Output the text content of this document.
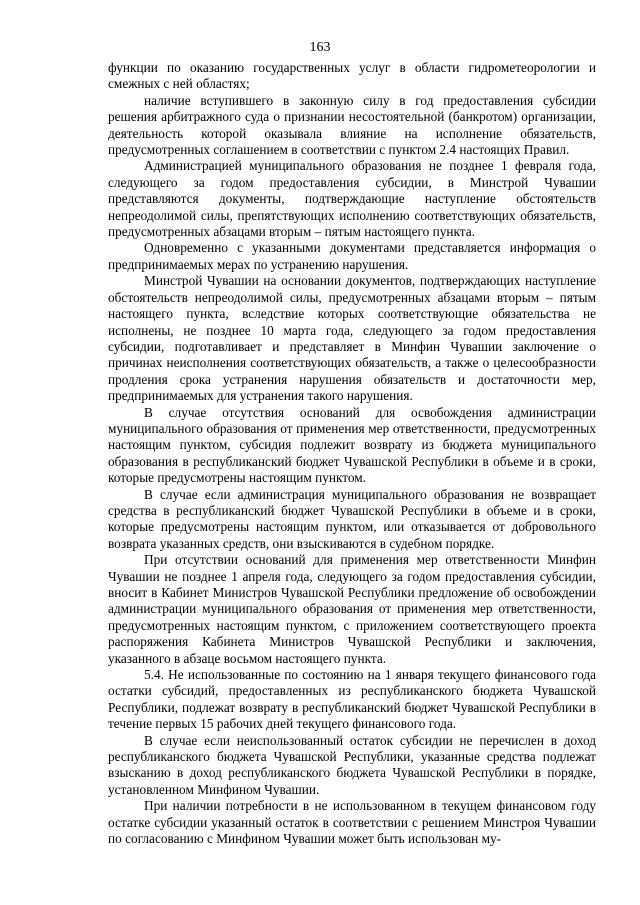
163

функции по оказанию государственных услуг в области гидрометеорологии и смежных с ней областях;

наличие вступившего в законную силу в год предоставления субсидии решения арбитражного суда о признании несостоятельной (банкротом) организации, деятельность которой оказывала влияние на исполнение обязательств, предусмотренных соглашением в соответствии с пунктом 2.4 настоящих Правил.

Администрацией муниципального образования не позднее 1 февраля года, следующего за годом предоставления субсидии, в Минстрой Чувашии представляются документы, подтверждающие наступление обстоятельств непреодолимой силы, препятствующих исполнению соответствующих обязательств, предусмотренных абзацами вторым – пятым настоящего пункта.

Одновременно с указанными документами представляется информация о предпринимаемых мерах по устранению нарушения.

Минстрой Чувашии на основании документов, подтверждающих наступление обстоятельств непреодолимой силы, предусмотренных абзацами вторым – пятым настоящего пункта, вследствие которых соответствующие обязательства не исполнены, не позднее 10 марта года, следующего за годом предоставления субсидии, подготавливает и представляет в Минфин Чувашии заключение о причинах неисполнения соответствующих обязательств, а также о целесообразности продления срока устранения нарушения обязательств и достаточности мер, предпринимаемых для устранения такого нарушения.

В случае отсутствия оснований для освобождения администрации муниципального образования от применения мер ответственности, предусмотренных настоящим пунктом, субсидия подлежит возврату из бюджета муниципального образования в республиканский бюджет Чувашской Республики в объеме и в сроки, которые предусмотрены настоящим пунктом.

В случае если администрация муниципального образования не возвращает средства в республиканский бюджет Чувашской Республики в объеме и в сроки, которые предусмотрены настоящим пунктом, или отказывается от добровольного возврата указанных средств, они взыскиваются в судебном порядке.

При отсутствии оснований для применения мер ответственности Минфин Чувашии не позднее 1 апреля года, следующего за годом предоставления субсидии, вносит в Кабинет Министров Чувашской Республики предложение об освобождении администрации муниципального образования от применения мер ответственности, предусмотренных настоящим пунктом, с приложением соответствующего проекта распоряжения Кабинета Министров Чувашской Республики и заключения, указанного в абзаце восьмом настоящего пункта.

5.4. Не использованные по состоянию на 1 января текущего финансового года остатки субсидий, предоставленных из республиканского бюджета Чувашской Республики, подлежат возврату в республиканский бюджет Чувашской Республики в течение первых 15 рабочих дней текущего финансового года.

В случае если неиспользованный остаток субсидии не перечислен в доход республиканского бюджета Чувашской Республики, указанные средства подлежат взысканию в доход республиканского бюджета Чувашской Республики в порядке, установленном Минфином Чувашии.

При наличии потребности в не использованном в текущем финансовом году остатке субсидии указанный остаток в соответствии с решением Минстроя Чувашии по согласованию с Минфином Чувашии может быть использован му-
